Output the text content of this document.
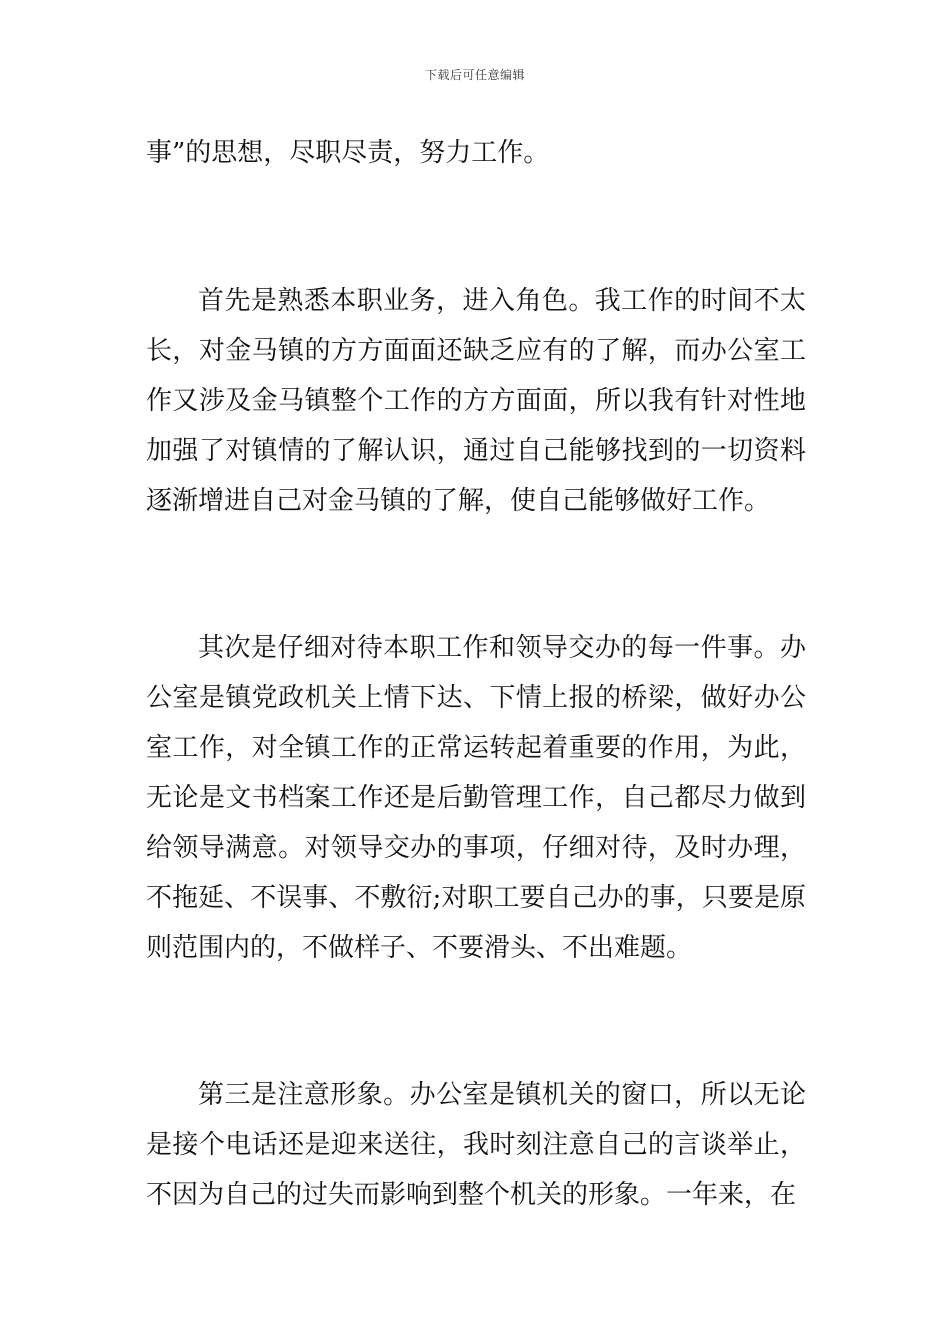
下载后可任意编辑

事”的思想，尽职尽责，努力工作。

首先是熟悉本职业务，进入角色。我工作的时间不太长，对金马镇的方方面面还缺乏应有的了解，而办公室工作又涉及金马镇整个工作的方方面面，所以我有针对性地加强了对镇情的了解认识，通过自己能够找到的一切资料逐渐增进自己对金马镇的了解，使自己能够做好工作。

其次是仔细对待本职工作和领导交办的每一件事。办公室是镇党政机关上情下达、下情上报的桥梁，做好办公室工作，对全镇工作的正常运转起着重要的作用，为此，无论是文书档案工作还是后勤管理工作，自己都尽力做到给领导满意。对领导交办的事项，仔细对待，及时办理，不拖延、不误事、不敷衍;对职工要自己办的事，只要是原则范围内的，不做样子、不要滑头、不出难题。

第三是注意形象。办公室是镇机关的窗口，所以无论是接个电话还是迎来送往，我时刻注意自己的言谈举止，不因为自己的过失而影响到整个机关的形象。一年来，在
